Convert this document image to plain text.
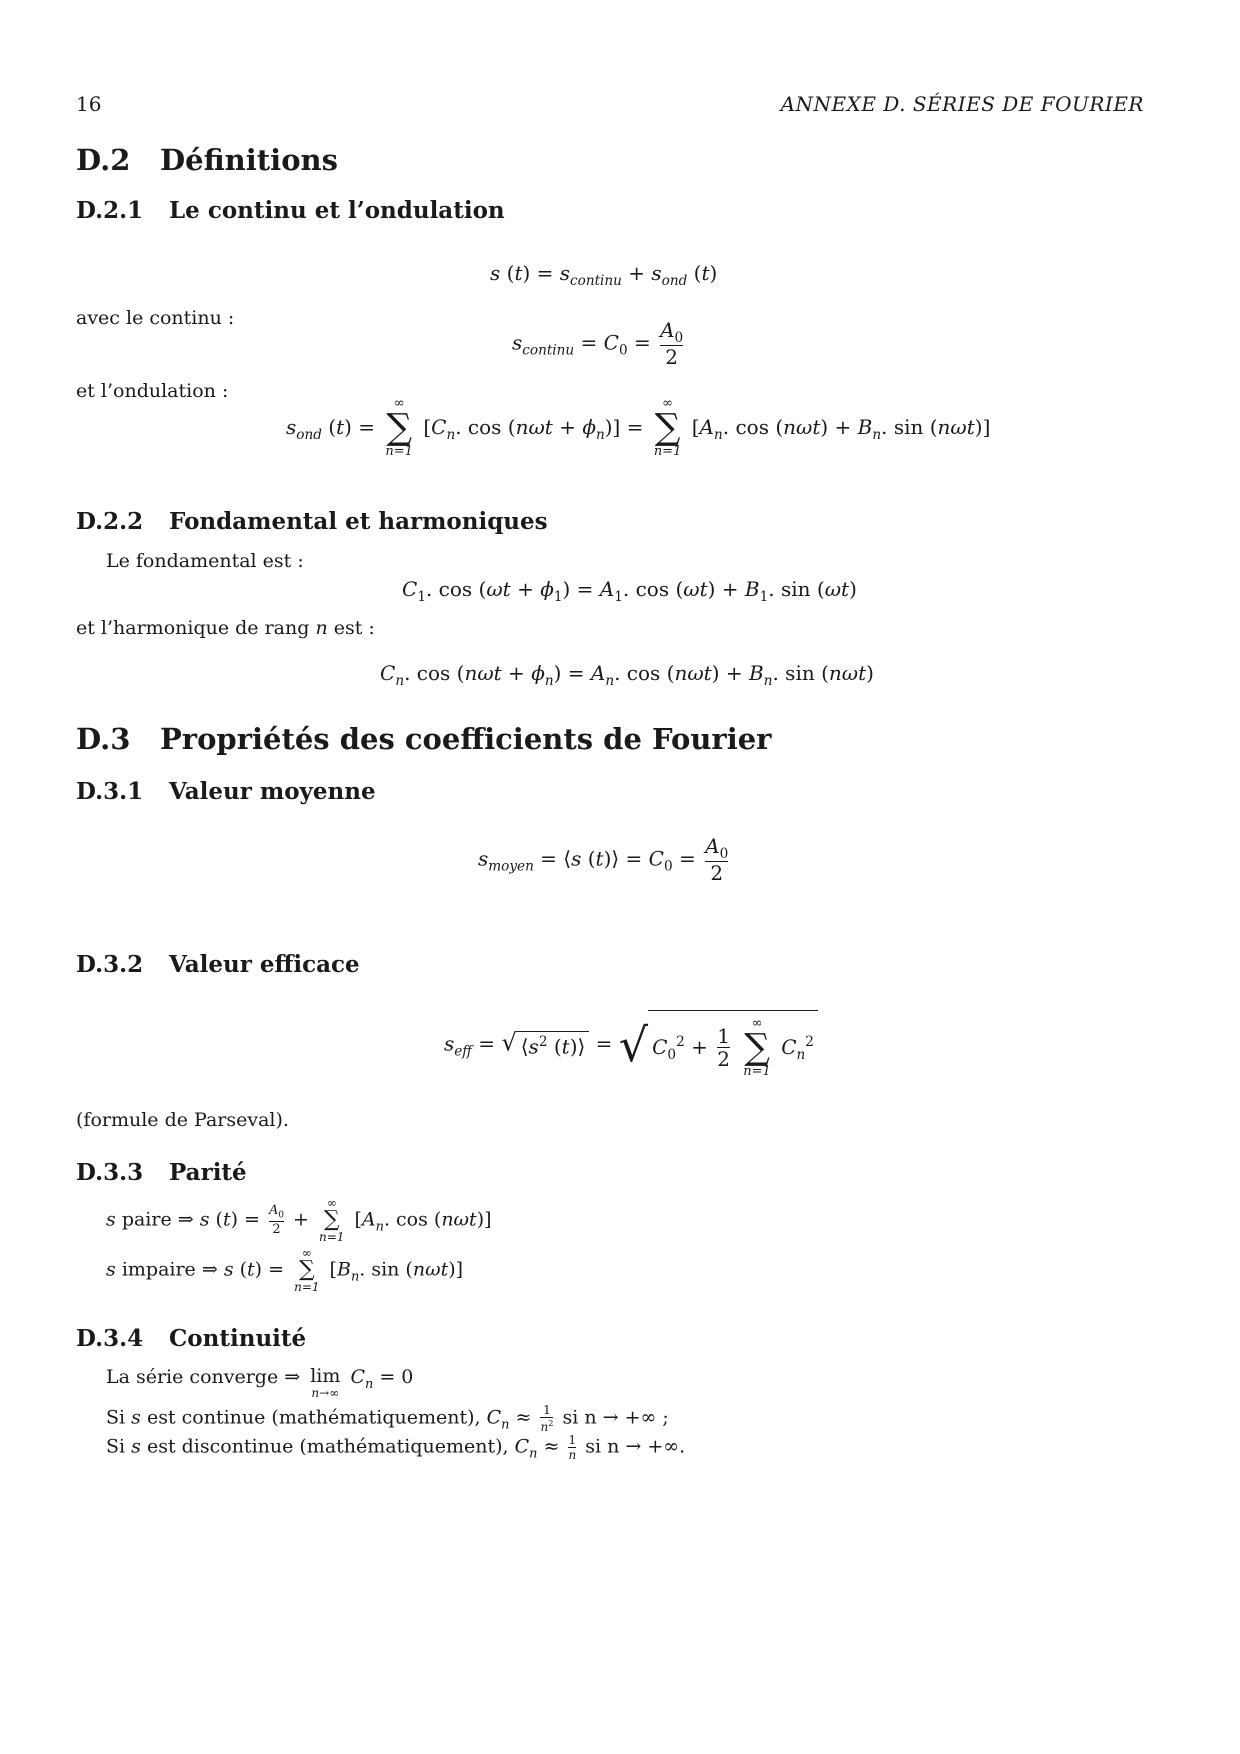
16	ANNEXE D. SÉRIES DE FOURIER
D.2 Définitions
D.2.1 Le continu et l’ondulation
s $(t) = s_{continu} + s_{ond}$ (t)
avec le continu :
$s_{continu} = C_0 = \frac{A_0}{2}$
et l’ondulation :
$s_{ond}$ (t) =
∞
∑
n=1
[$C_n$. $\cos (n\omega t + \phi_n)$] =
∞
∑
n=1
[$A_n$. $\cos (n\omega t) + B_n$. sin (nωt)]
D.2.2 Fondamental et harmoniques
Le fondamental est :
$C_1$. $\cos (\omega t + \phi_1) = A_1$. $\cos (\omega t) + B_1$. sin (ωt)
et l’harmonique de rang n est :
$C_n$. $\cos (n\omega t + \phi_n) = A_n$. $\cos (n\omega t) + B_n$. sin (nωt)
D.3 Propriétés des coefficients de Fourier
D.3.1 Valeur moyenne
$s_{moyen}$ = ⟨s (t)⟩ = $C_0 = \frac{A_0}{2}$
D.3.2 Valeur efficace
$s_{eff}$ = √ $⟨s^2$ (t)⟩ = √ $C_0^2 + \frac{1}{2}$

∞
∑
n=1
$C_n^2$
(formule de Parseval).
D.3.3 Parité
s paire ⇒ s $(t) = \frac{A_0}{2}$ +
∞
∑
n=1
[$A_n$. cos (nωt)]
s impaire ⇒ s (t) =
∞
∑
n=1
[$B_n$. sin (nωt)]
D.3.4 Continuité
La série converge ⇒ lim
n→∞
$C_n = 0$
Si s est continue (mathématiquement), $C_n \approx \frac{1}{n^2}$ si n → +∞ ;
Si s est discontinue (mathématiquement), $C_n \approx \frac{1}{n}$ si n → +∞.
